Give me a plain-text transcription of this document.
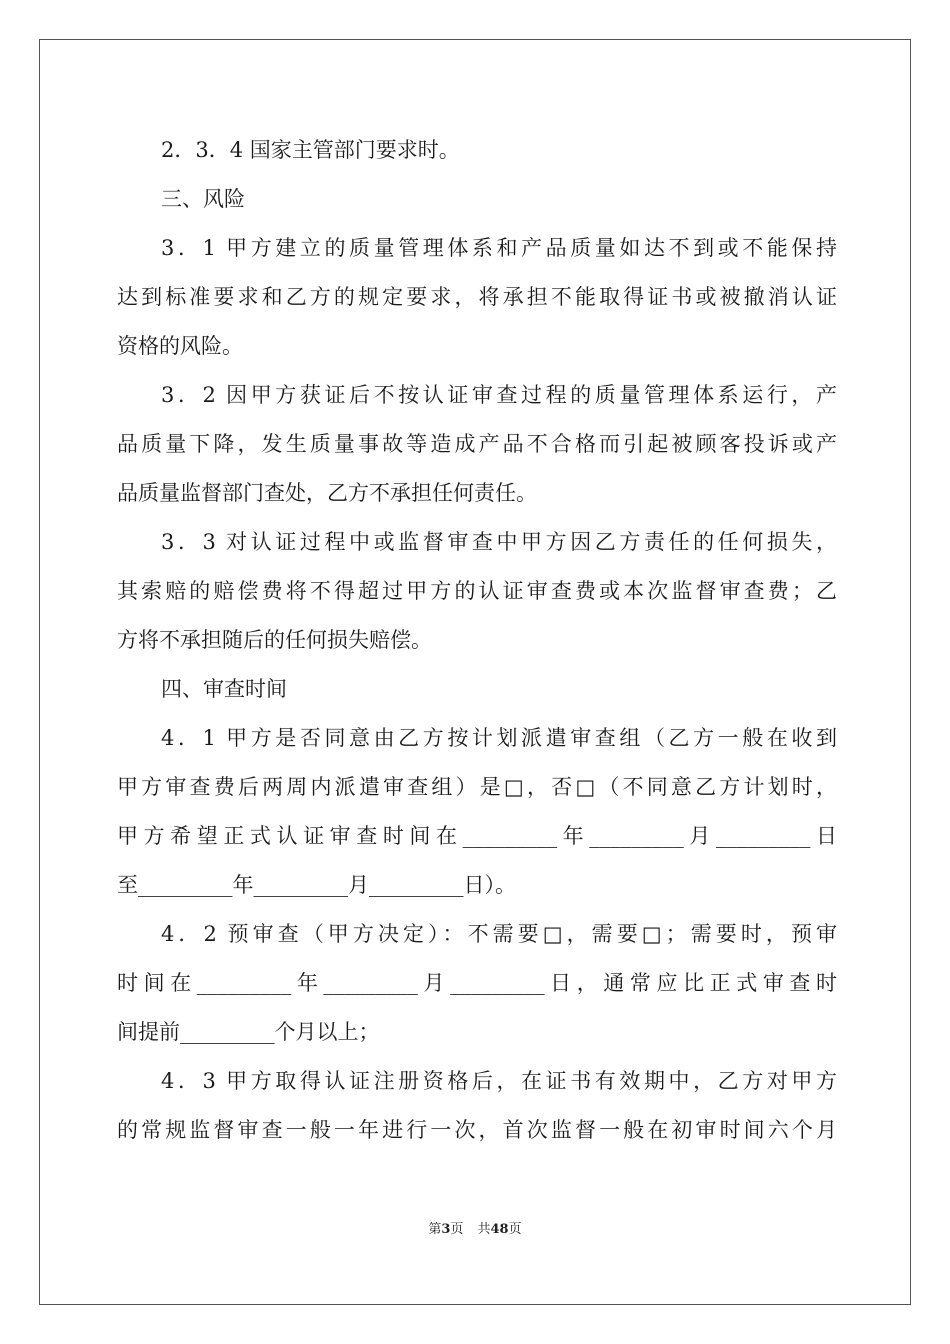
2．3．4 国家主管部门要求时。
三、风险
3．1 甲方建立的质量管理体系和产品质量如达不到或不能保持
达到标准要求和乙方的规定要求，将承担不能取得证书或被撤消认证
资格的风险。
3．2 因甲方获证后不按认证审查过程的质量管理体系运行，产
品质量下降，发生质量事故等造成产品不合格而引起被顾客投诉或产
品质量监督部门查处，乙方不承担任何责任。
3．3 对认证过程中或监督审查中甲方因乙方责任的任何损失，
其索赔的赔偿费将不得超过甲方的认证审查费或本次监督审查费；乙
方将不承担随后的任何损失赔偿。
四、审查时间
4．1 甲方是否同意由乙方按计划派遣审查组（乙方一般在收到
甲方审查费后两周内派遣审查组）是□，否□（不同意乙方计划时，
甲方希望正式认证审查时间在_________年_________月_________日
至_________年_________月_________日）。
4．2 预审查（甲方决定）：不需要□，需要□；需要时，预审
时间在_________年_________月_________日，通常应比正式审查时
间提前_________个月以上；
4．3 甲方取得认证注册资格后，在证书有效期中，乙方对甲方
的常规监督审查一般一年进行一次，首次监督一般在初审时间六个月
第3页 共48页
